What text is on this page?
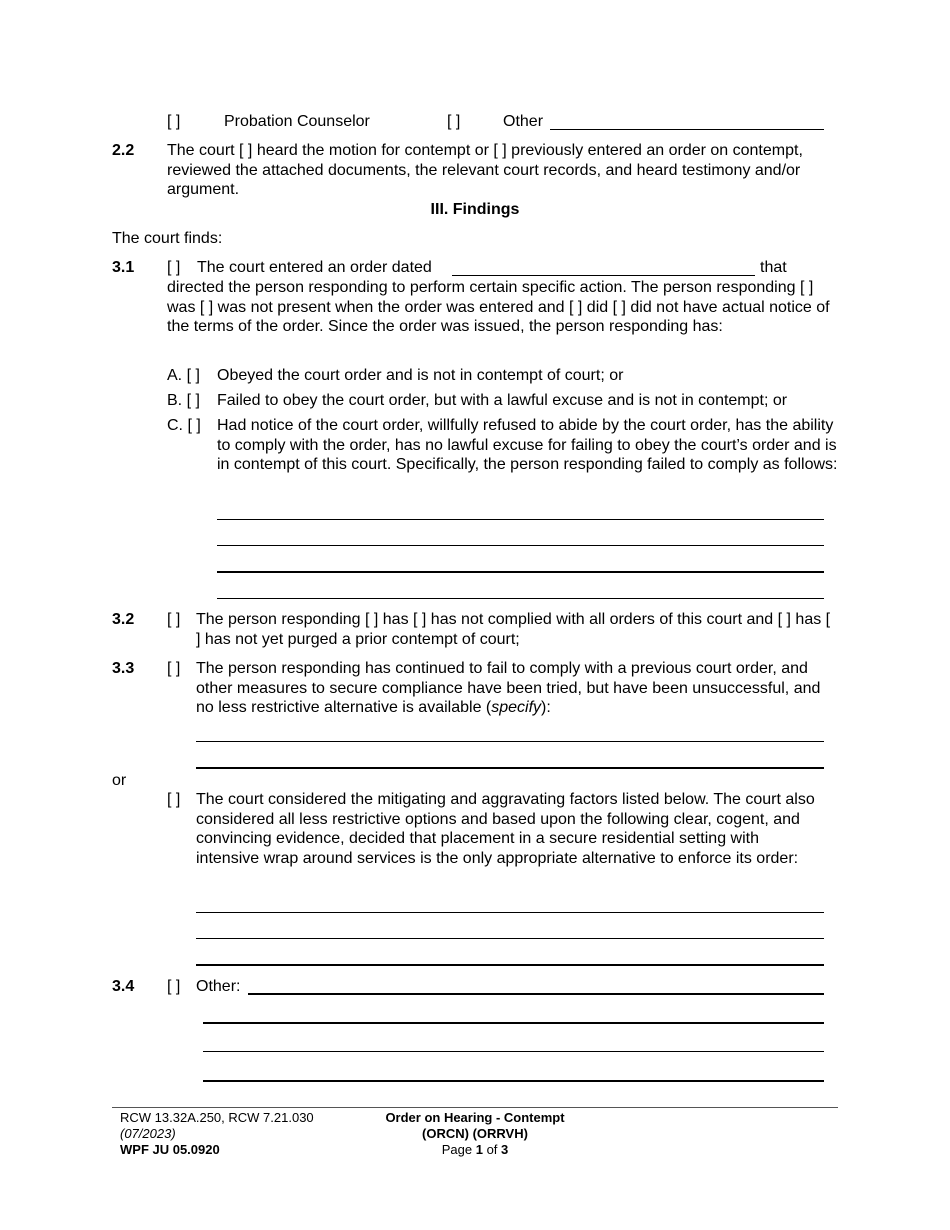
[ ]	Probation Counselor	[ ]	Other
2.2 The court [ ] heard the motion for contempt or [ ] previously entered an order on contempt, reviewed the attached documents, the relevant court records, and heard testimony and/or argument.
III. Findings
The court finds:
3.1 [ ] The court entered an order dated	that
directed the person responding to perform certain specific action. The person responding [ ] was [ ] was not present when the order was entered and [ ] did [ ] did not have actual notice of the terms of the order. Since the order was issued, the person responding has:
A. [ ] Obeyed the court order and is not in contempt of court; or
B. [ ] Failed to obey the court order, but with a lawful excuse and is not in contempt; or
C. [ ] Had notice of the court order, willfully refused to abide by the court order, has the ability to comply with the order, has no lawful excuse for failing to obey the court’s order and is in contempt of this court. Specifically, the person responding failed to comply as follows:
3.2 [ ] The person responding [ ] has [ ] has not complied with all orders of this court and [ ] has [ ] has not yet purged a prior contempt of court;
3.3 [ ] The person responding has continued to fail to comply with a previous court order, and other measures to secure compliance have been tried, but have been unsuccessful, and no less restrictive alternative is available (specify):
or
[ ] The court considered the mitigating and aggravating factors listed below. The court also considered all less restrictive options and based upon the following clear, cogent, and convincing evidence, decided that placement in a secure residential setting with intensive wrap around services is the only appropriate alternative to enforce its order:
3.4 [ ] Other:
RCW 13.32A.250, RCW 7.21.030
(07/2023)
WPF JU 05.0920
Order on Hearing - Contempt
(ORCN) (ORRVH)
Page 1 of 3
